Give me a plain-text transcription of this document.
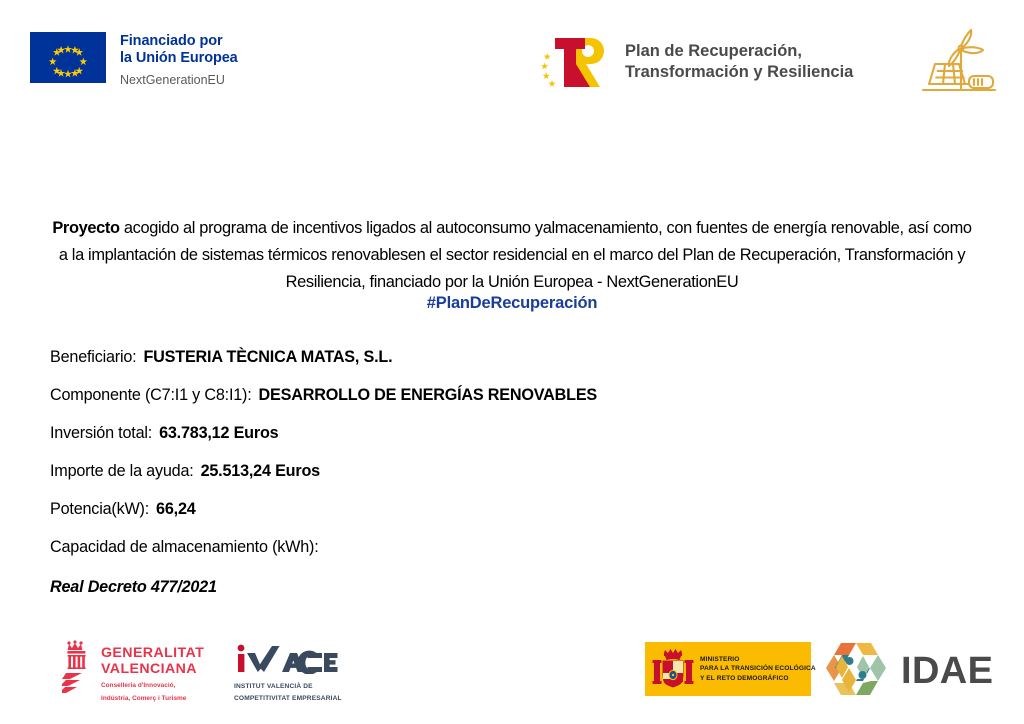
Financiado por
la Unión Europea
NextGenerationEU
Plan de Recuperación,
Transformación y Resiliencia

Proyecto acogido al programa de incentivos ligados al autoconsumo yalmacenamiento, con fuentes de energía renovable, así como a la implantación de sistemas térmicos renovablesen el sector residencial en el marco del Plan de Recuperación, Transformación y Resiliencia, financiado por la Unión Europea - NextGenerationEU

#PlanDeRecuperación
Beneficiario: FUSTERIA TÈCNICA MATAS, S.L.
Componente (C7:I1 y C8:I1): DESARROLLO DE ENERGÍAS RENOVABLES
Inversión total: 63.783,12 Euros
Importe de la ayuda: 25.513,24 Euros
Potencia(kW): 66,24
Capacidad de almacenamiento (kWh):
Real Decreto 477/2021
GENERALITAT
VALENCIANA
Conselleria d'Innovació,
Indústria, Comerç i Turisme
INSTITUT VALENCIÀ DE
COMPETITIVITAT EMPRESARIAL
MINISTERIO
PARA LA TRANSICIÓN ECOLÓGICA
Y EL RETO DEMOGRÁFICO	IDAE
